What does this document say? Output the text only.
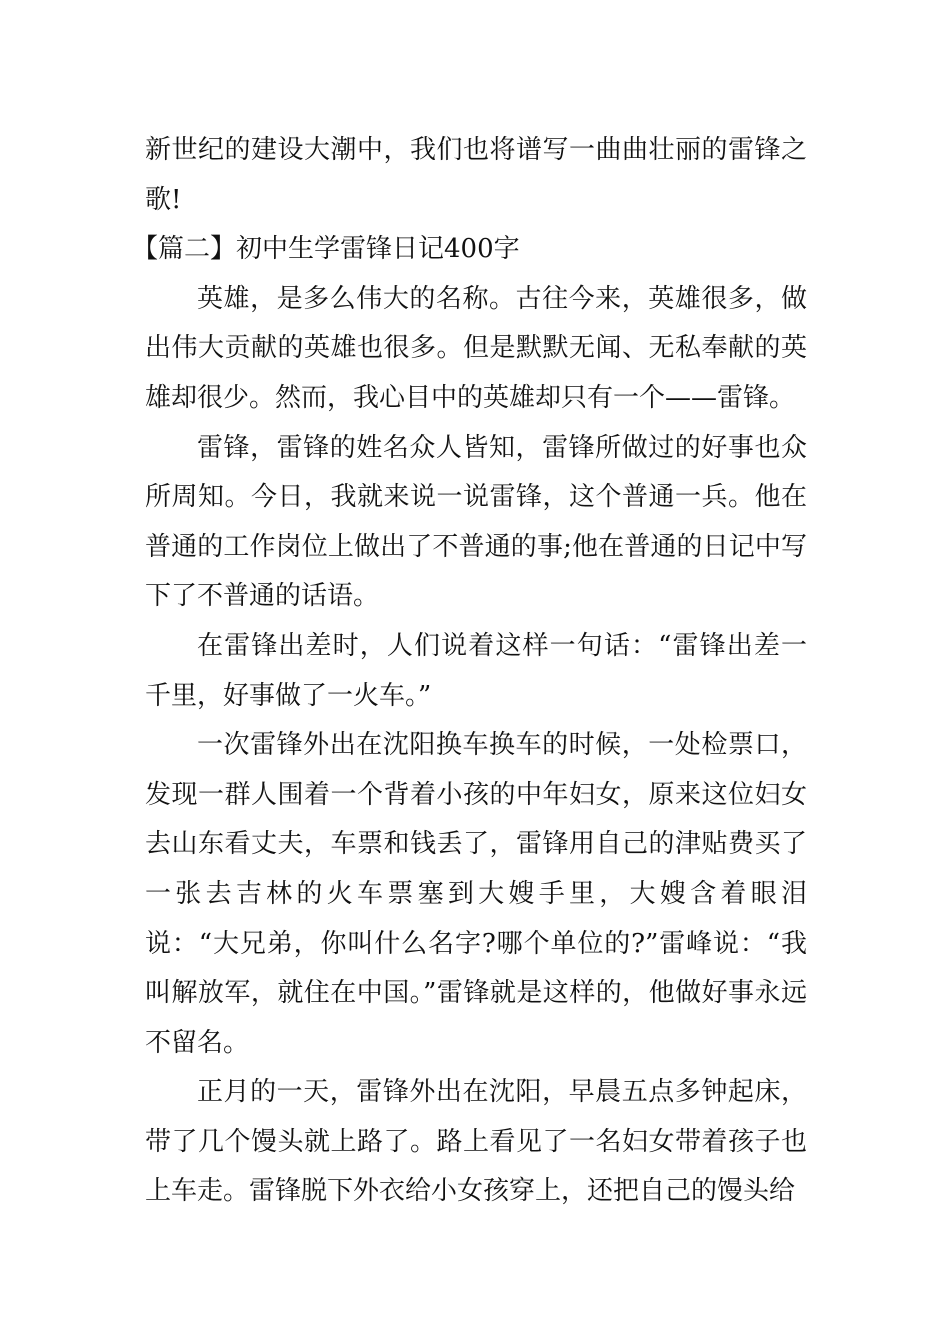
新世纪的建设大潮中，我们也将谱写一曲曲壮丽的雷锋之歌!

【篇二】初中生学雷锋日记400字

英雄，是多么伟大的名称。古往今来，英雄很多，做出伟大贡献的英雄也很多。但是默默无闻、无私奉献的英雄却很少。然而，我心目中的英雄却只有一个——雷锋。

雷锋，雷锋的姓名众人皆知，雷锋所做过的好事也众所周知。今日，我就来说一说雷锋，这个普通一兵。他在普通的工作岗位上做出了不普通的事;他在普通的日记中写下了不普通的话语。

在雷锋出差时，人们说着这样一句话：“雷锋出差一千里，好事做了一火车。”

一次雷锋外出在沈阳换车换车的时候，一处检票口，发现一群人围着一个背着小孩的中年妇女，原来这位妇女去山东看丈夫，车票和钱丢了，雷锋用自己的津贴费买了一张去吉林的火车票塞到大嫂手里，大嫂含着眼泪说：“大兄弟，你叫什么名字?哪个单位的?”雷峰说：“我叫解放军，就住在中国。”雷锋就是这样的，他做好事永远不留名。

正月的一天，雷锋外出在沈阳，早晨五点多钟起床，带了几个馒头就上路了。路上看见了一名妇女带着孩子也上车走。雷锋脱下外衣给小女孩穿上，还把自己的馒头给
